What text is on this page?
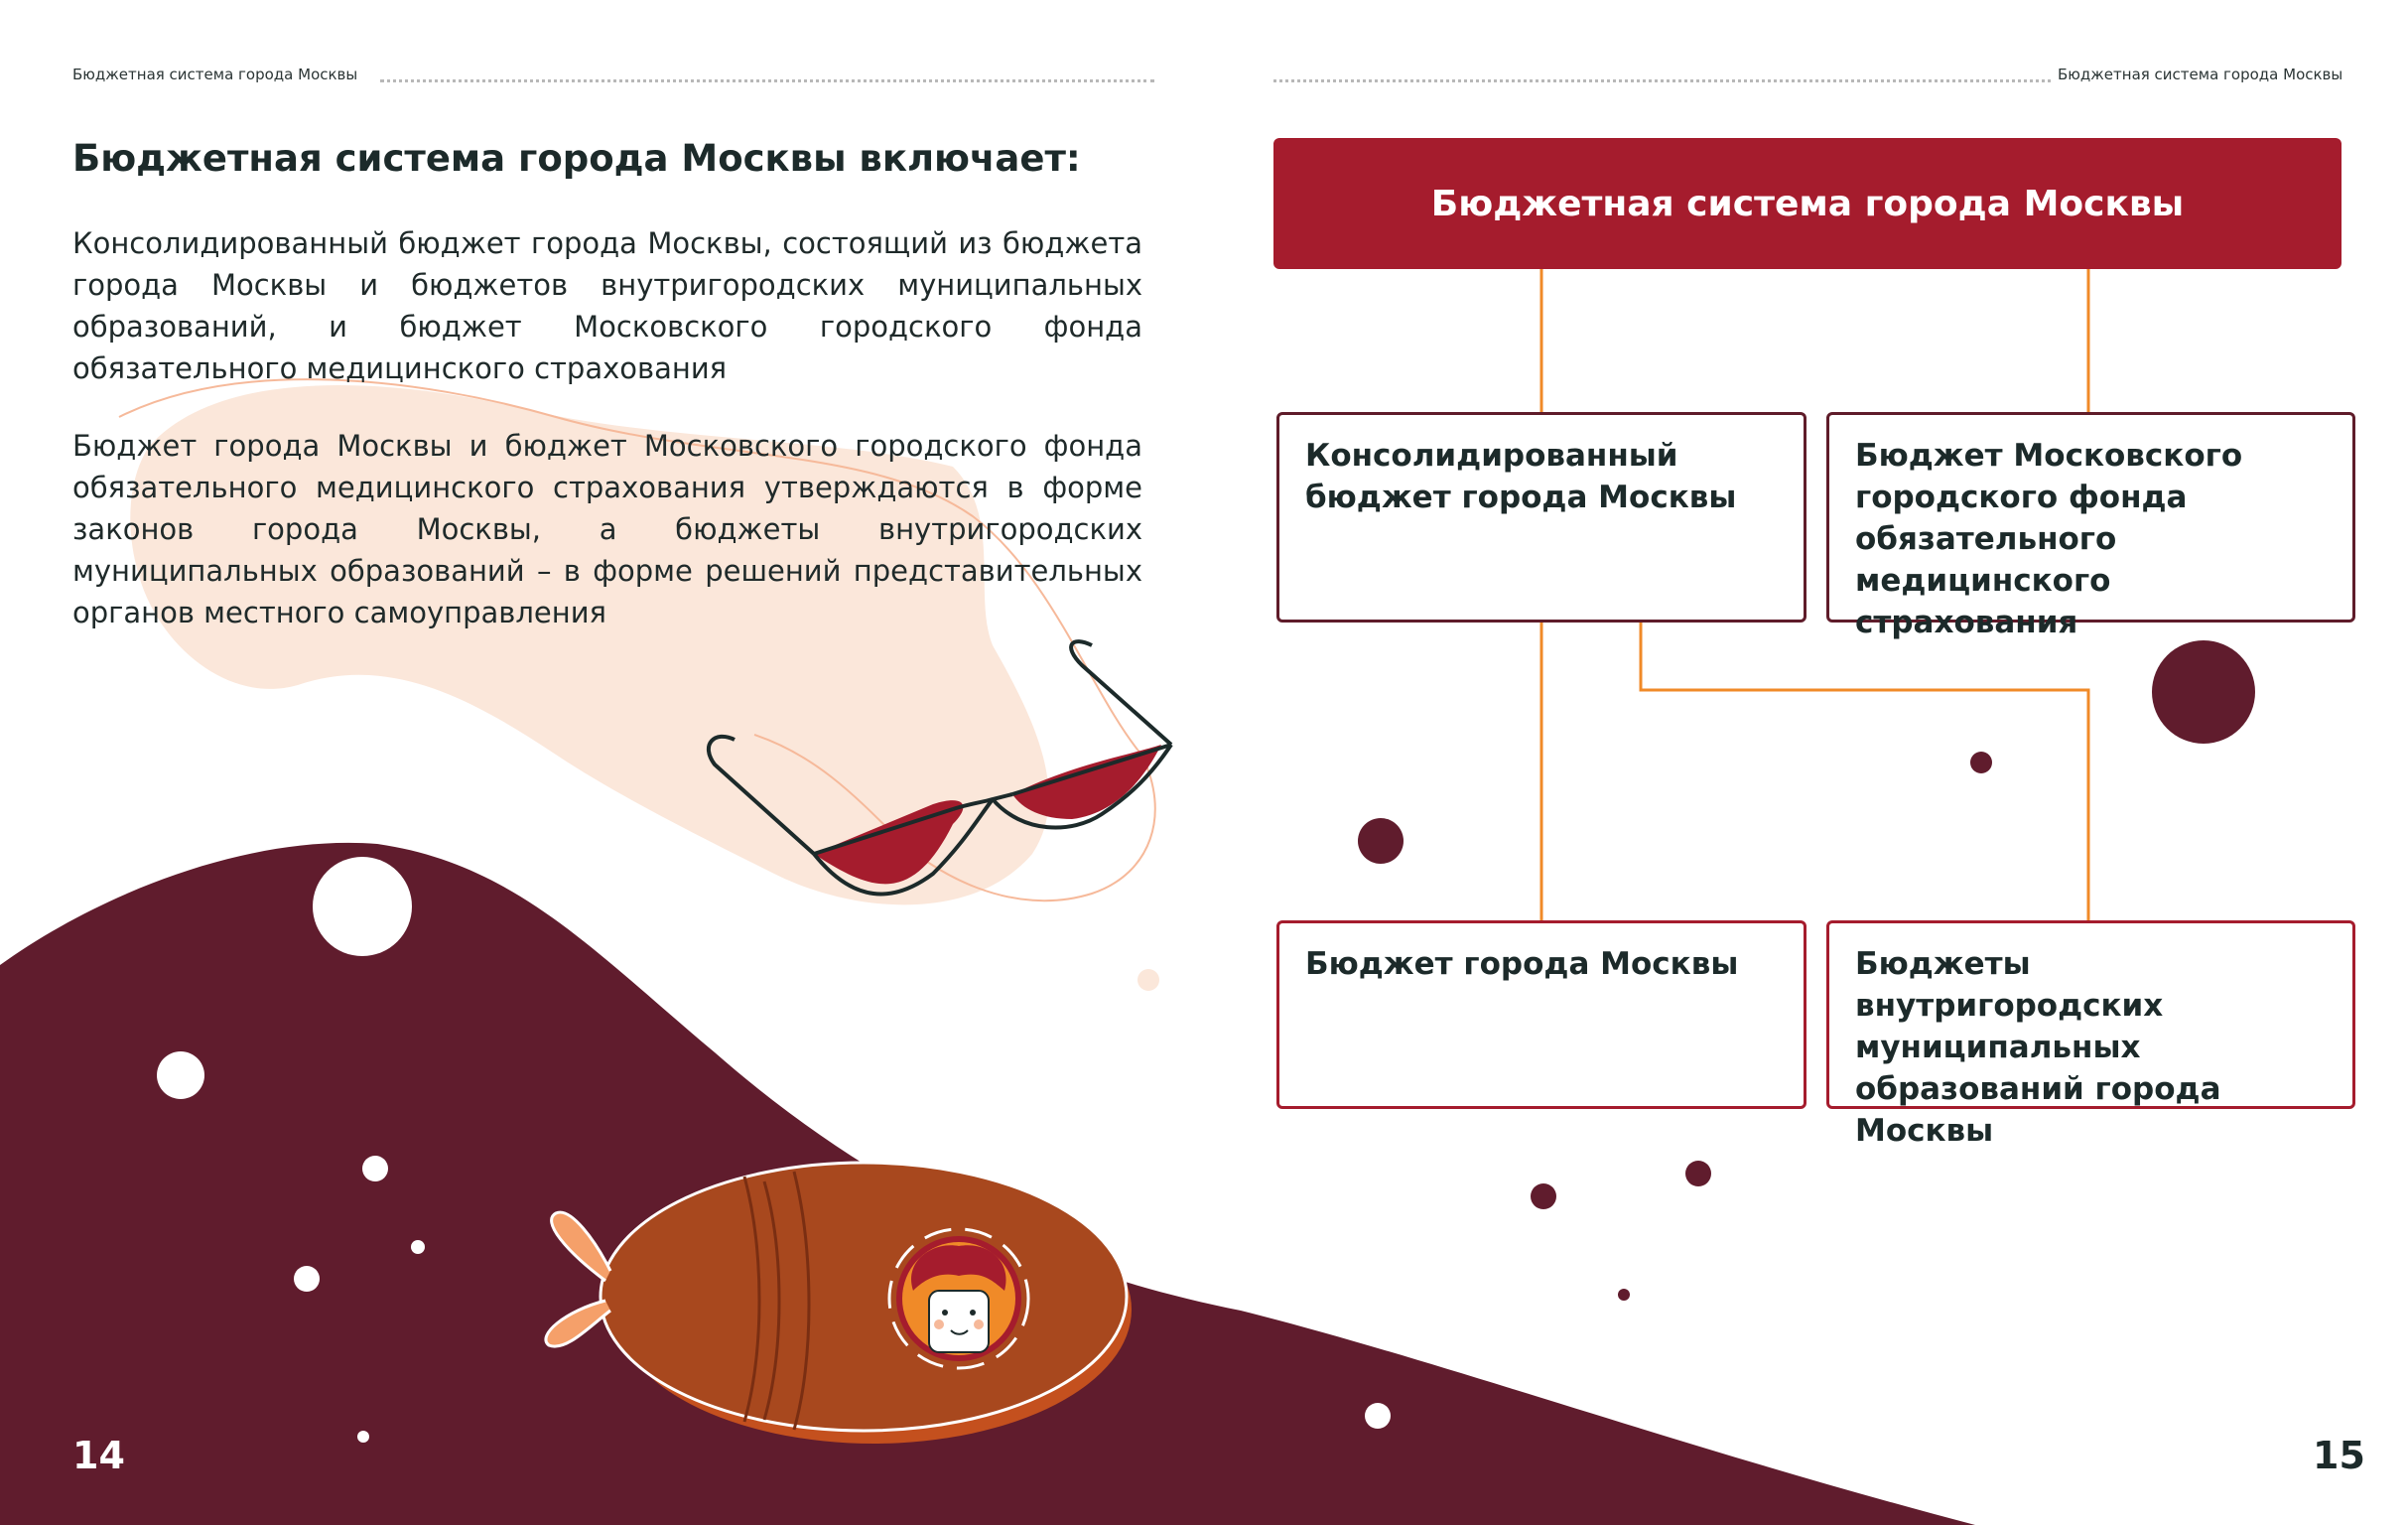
Бюджетная система города Москвы	Бюджетная система города Москвы
Бюджетная система города Москвы включает:
Консолидированный бюджет города Москвы, состоящий из бюджета города Москвы и бюджетов внутригородских муниципальных образований, и бюджет Московского городского фонда обязательного медицинского страхования
Бюджет города Москвы и бюджет Московского городского фонда обязательного медицинского страхования утверждаются в форме законов города Москвы, а бюджеты внутригородских муниципальных образований – в форме решений представительных органов местного самоуправления
Бюджетная система города Москвы
Консолидированный бюджет города Москвы
Бюджет Московского городского фонда обязательного медицинского страхования
Бюджет города Москвы	Бюджеты внутригородских муниципальных образований города Москвы
14	15
